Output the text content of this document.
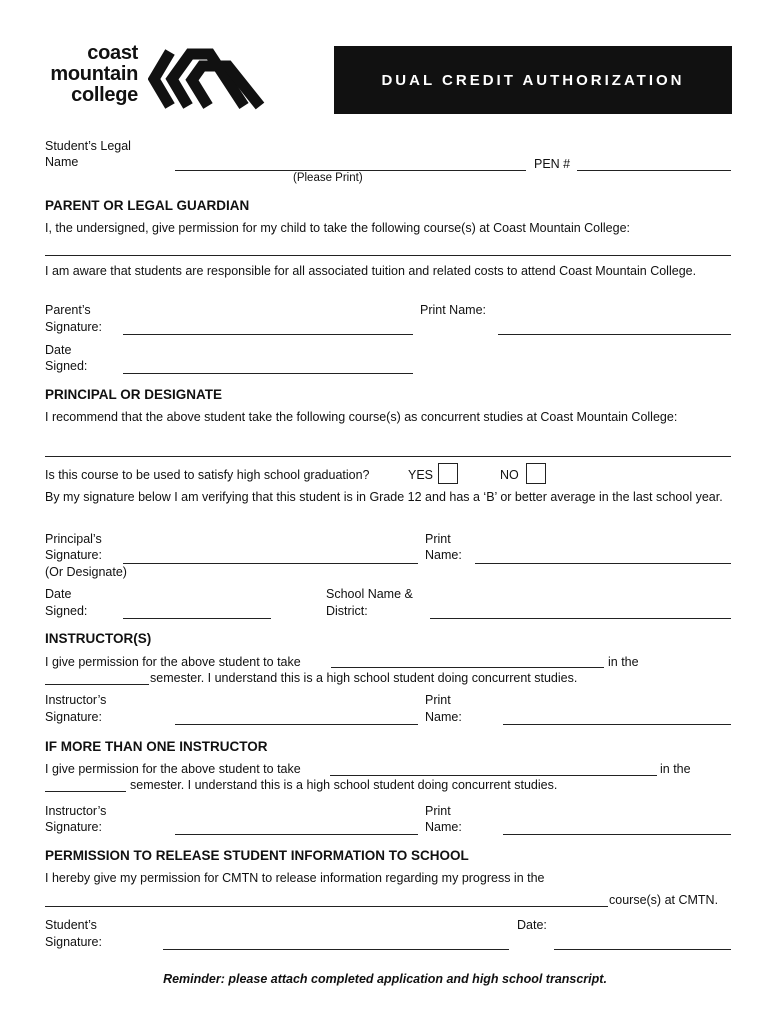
coast
mountain
college
DUAL CREDIT AUTHORIZATION
Student’s Legal
Name
(Please Print)
PEN #
PARENT OR LEGAL GUARDIAN
I, the undersigned, give permission for my child to take the following course(s) at Coast Mountain College:
I am aware that students are responsible for all associated tuition and related costs to attend Coast Mountain College.
Parent’s
Signature:
Print Name:
Date
Signed:
PRINCIPAL OR DESIGNATE
I recommend that the above student take the following course(s) as concurrent studies at Coast Mountain College:
Is this course to be used to satisfy high school graduation?	YES	NO
By my signature below I am verifying that this student is in Grade 12 and has a ‘B’ or better average in the last school year.
Principal’s
Signature:
(Or Designate)
Print
Name:
Date
Signed:
School Name &
District:
INSTRUCTOR(S)
I give permission for the above student to take	in the
semester. I understand this is a high school student doing concurrent studies.
Instructor’s
Signature:
Print
Name:
IF MORE THAN ONE INSTRUCTOR
I give permission for the above student to take	in the
semester. I understand this is a high school student doing concurrent studies.
Instructor’s
Signature:
Print
Name:
PERMISSION TO RELEASE STUDENT INFORMATION TO SCHOOL
I hereby give my permission for CMTN to release information regarding my progress in the
course(s) at CMTN.
Student’s
Signature:
Date:
Reminder: please attach completed application and high school transcript.
